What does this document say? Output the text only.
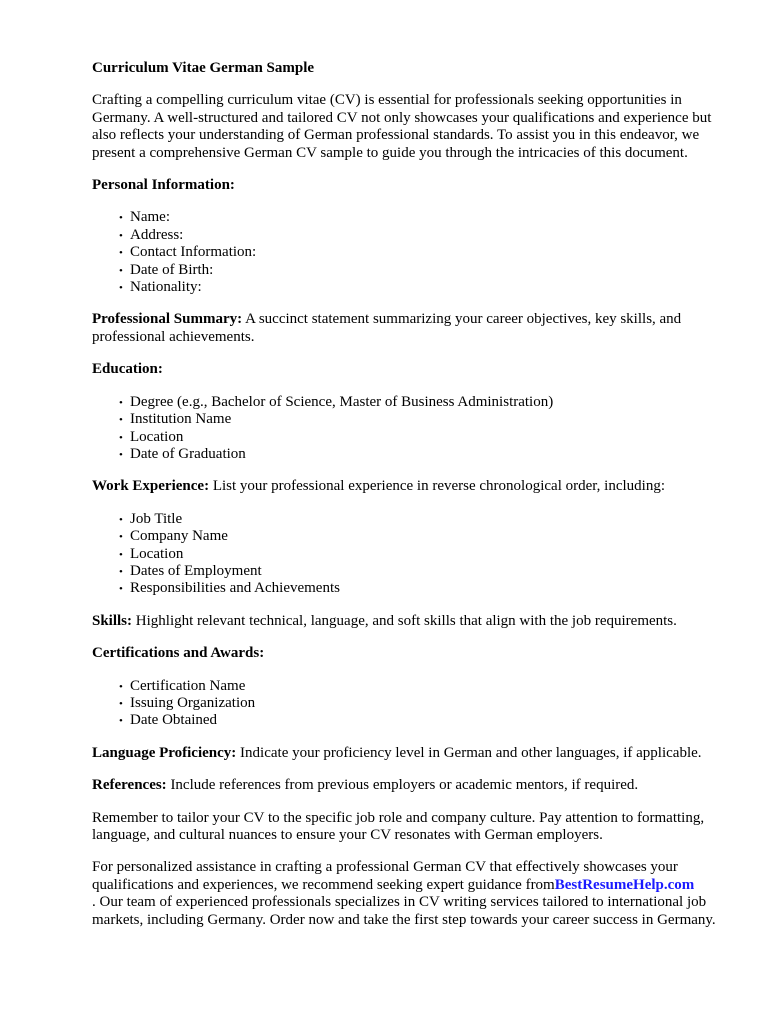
Curriculum Vitae German Sample

Crafting a compelling curriculum vitae (CV) is essential for professionals seeking opportunities in Germany. A well-structured and tailored CV not only showcases your qualifications and experience but also reflects your understanding of German professional standards. To assist you in this endeavor, we present a comprehensive German CV sample to guide you through the intricacies of this document.

Personal Information:
• Name:
• Address:
• Contact Information:
• Date of Birth:
• Nationality:

Professional Summary: A succinct statement summarizing your career objectives, key skills, and professional achievements.

Education:
• Degree (e.g., Bachelor of Science, Master of Business Administration)
• Institution Name
• Location
• Date of Graduation

Work Experience: List your professional experience in reverse chronological order, including:

• Job Title
• Company Name
• Location
• Dates of Employment
• Responsibilities and Achievements

Skills: Highlight relevant technical, language, and soft skills that align with the job requirements.

Certifications and Awards:
• Certification Name
• Issuing Organization
• Date Obtained

Language Proficiency: Indicate your proficiency level in German and other languages, if applicable.

References: Include references from previous employers or academic mentors, if required.

Remember to tailor your CV to the specific job role and company culture. Pay attention to formatting, language, and cultural nuances to ensure your CV resonates with German employers.

For personalized assistance in crafting a professional German CV that effectively showcases your qualifications and experiences, we recommend seeking expert guidance fromBestResumeHelp.com
. Our team of experienced professionals specializes in CV writing services tailored to international job markets, including Germany. Order now and take the first step towards your career success in Germany.
